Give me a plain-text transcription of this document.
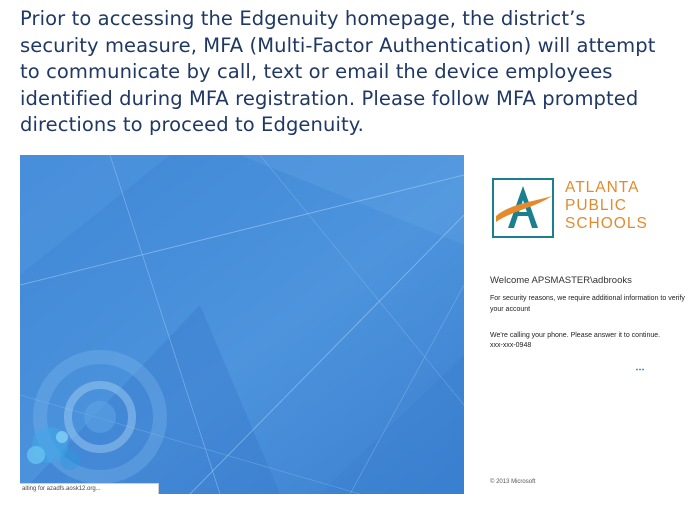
Prior to accessing the Edgenuity homepage, the district’s security measure, MFA (Multi-Factor Authentication) will attempt to communicate by call, text or email the device employees identified during MFA registration. Please follow MFA prompted directions to proceed to Edgenuity.

aiting for azadfs.aosk12.org...
ATLANTA
PUBLIC
SCHOOLS
Welcome APSMASTER\adbrooks
For security reasons, we require additional information to verify your account
We're calling your phone. Please answer it to continue.
xxx-xxx-0948
© 2013 Microsoft
